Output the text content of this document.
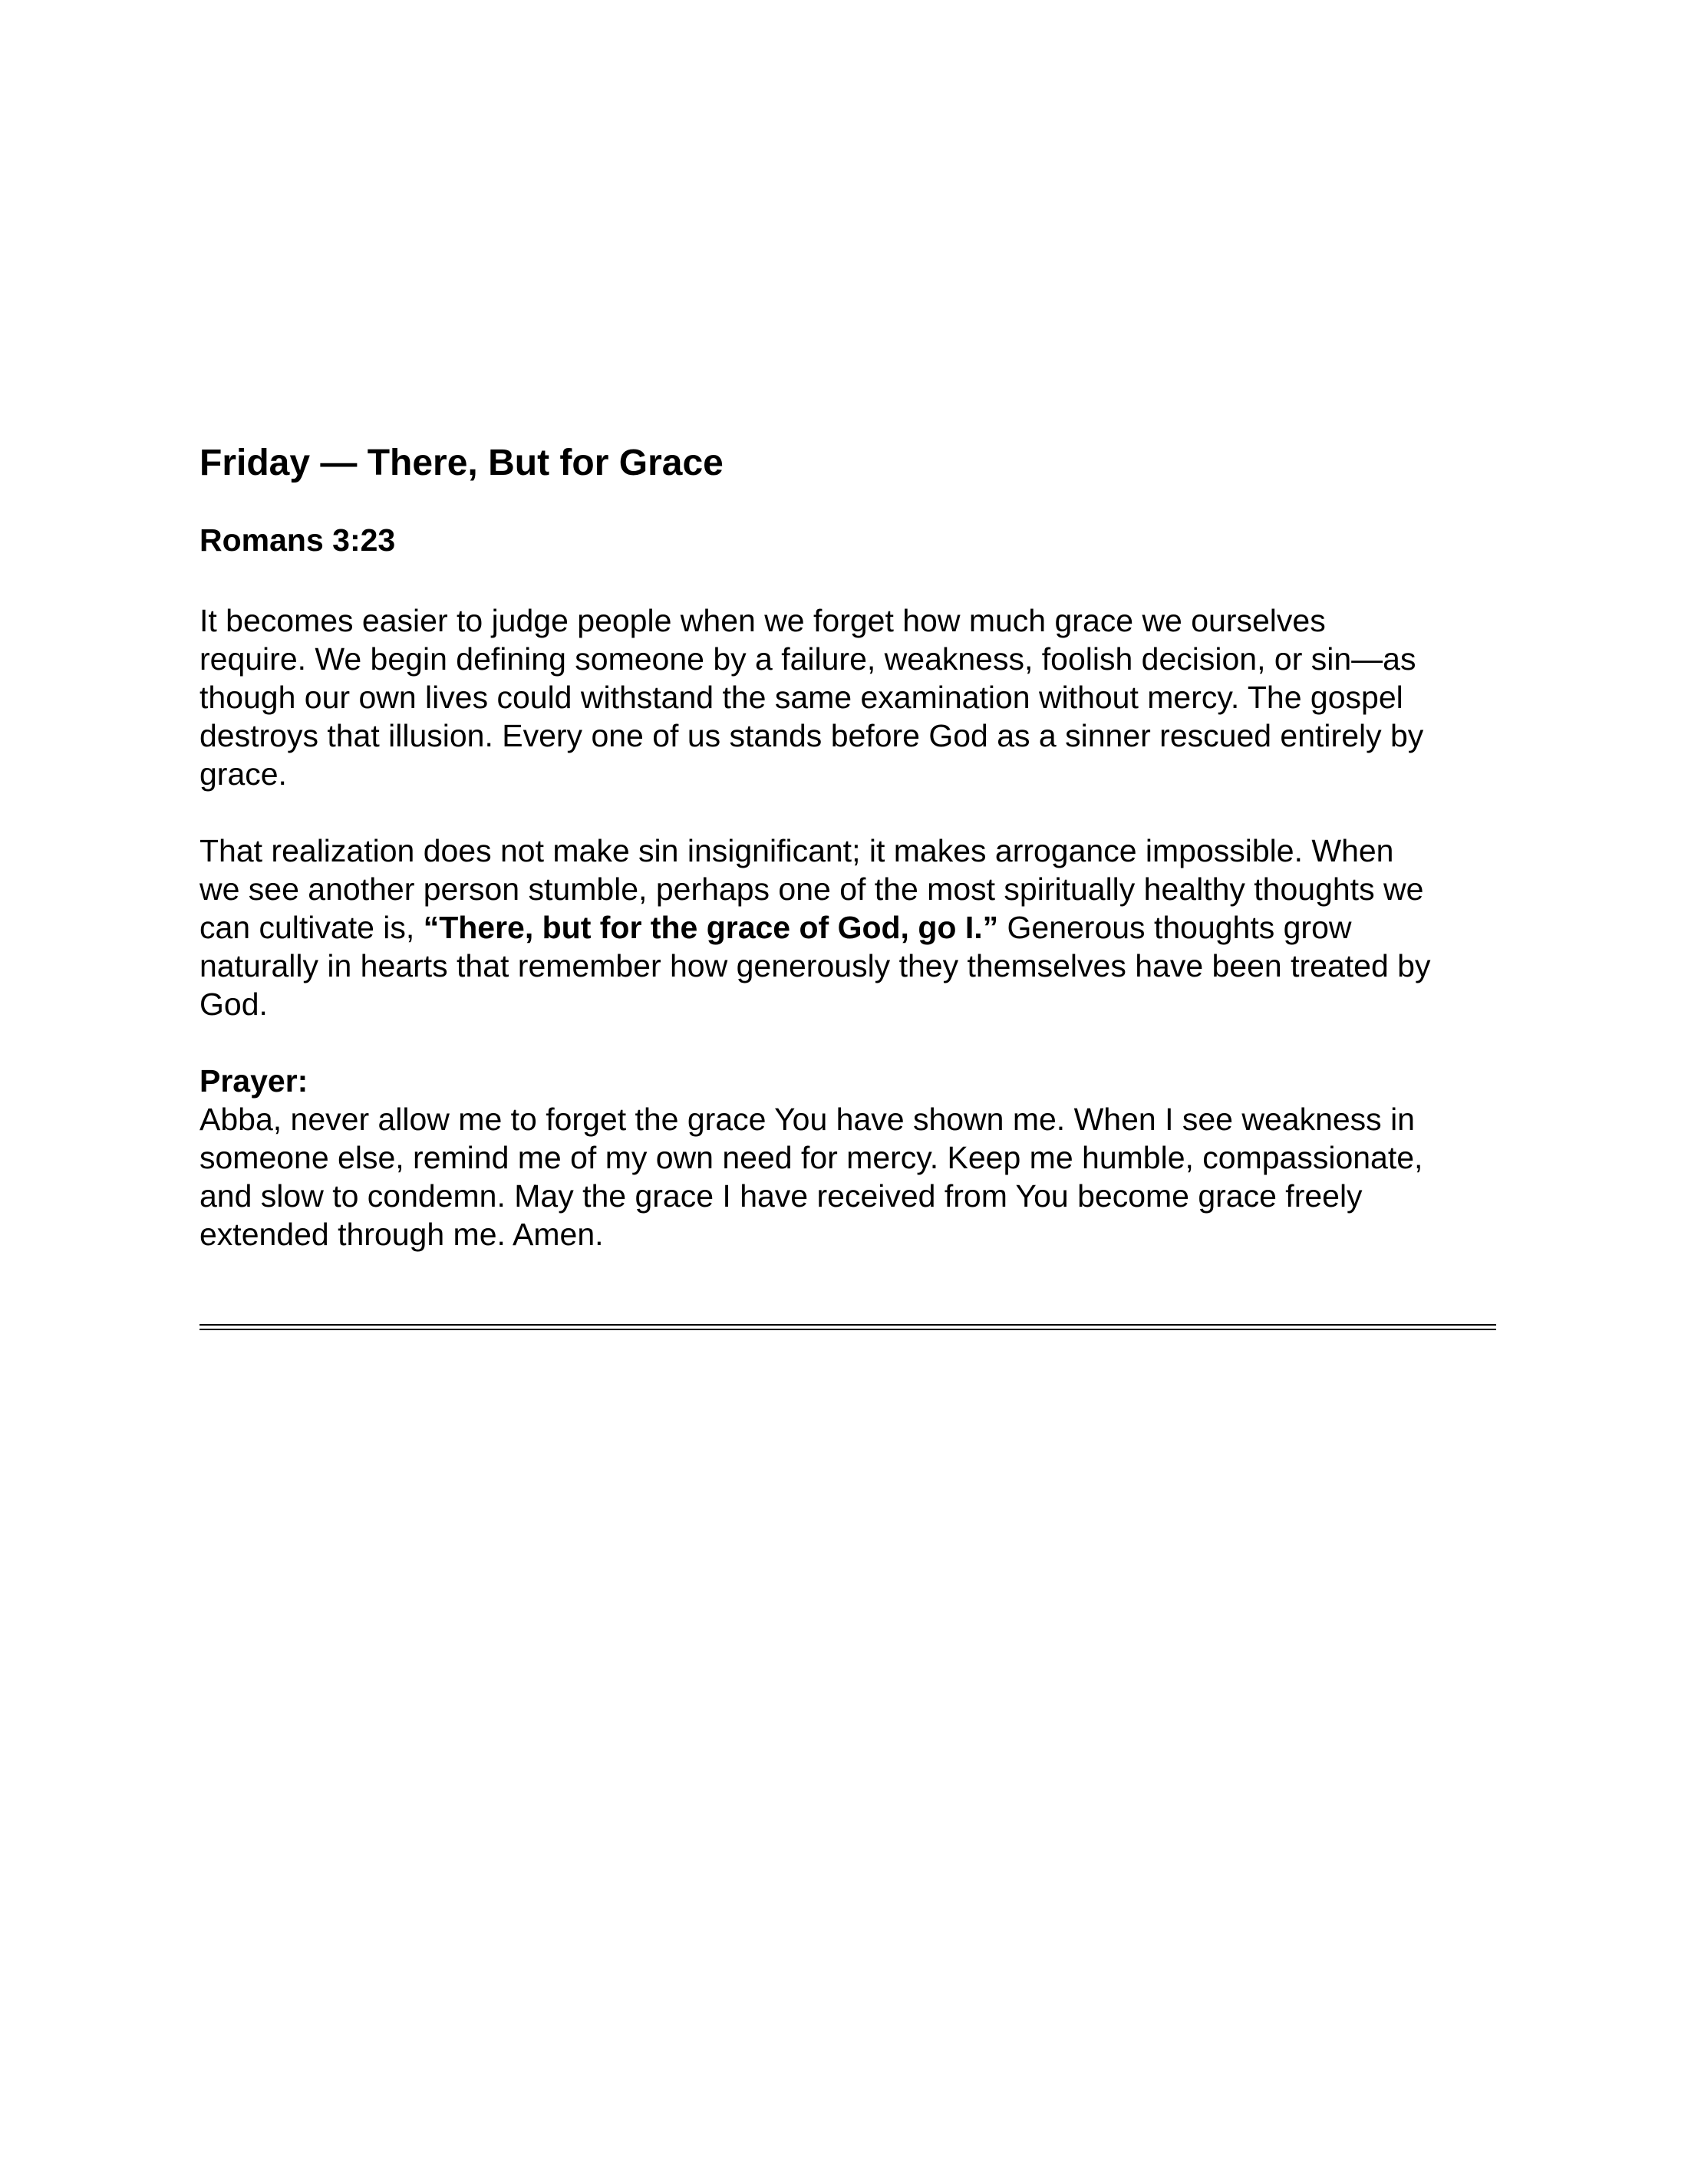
Friday — There, But for Grace
Romans 3:23

It becomes easier to judge people when we forget how much grace we ourselves
require. We begin defining someone by a failure, weakness, foolish decision, or sin—as
though our own lives could withstand the same examination without mercy. The gospel
destroys that illusion. Every one of us stands before God as a sinner rescued entirely by
grace.

That realization does not make sin insignificant; it makes arrogance impossible. When
we see another person stumble, perhaps one of the most spiritually healthy thoughts we
can cultivate is, “There, but for the grace of God, go I.” Generous thoughts grow
naturally in hearts that remember how generously they themselves have been treated by
God.

Prayer:

Abba, never allow me to forget the grace You have shown me. When I see weakness in
someone else, remind me of my own need for mercy. Keep me humble, compassionate,
and slow to condemn. May the grace I have received from You become grace freely
extended through me. Amen.
